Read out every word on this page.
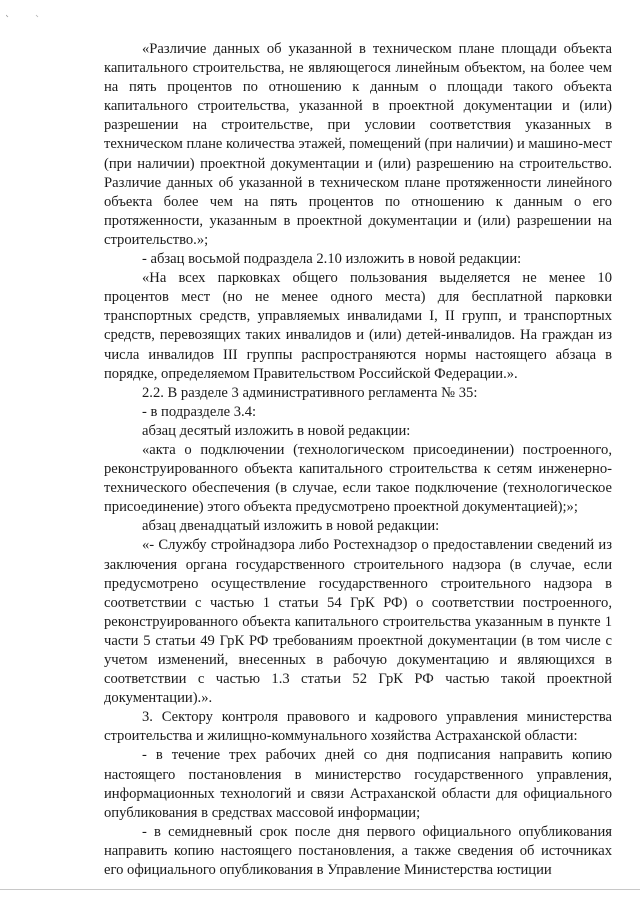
«Различие данных об указанной в техническом плане площади объекта капитального строительства, не являющегося линейным объектом, на более чем на пять процентов по отношению к данным о площади такого объекта капитального строительства, указанной в проектной документации и (или) разрешении на строительстве, при условии соответствия указанных в техническом плане количества этажей, помещений (при наличии) и машино-мест (при наличии) проектной документации и (или) разрешению на строительство. Различие данных об указанной в техническом плане протяженности линейного объекта более чем на пять процентов по отношению к данным о его протяженности, указанным в проектной документации и (или) разрешении на строительство.»;

- абзац восьмой подраздела 2.10 изложить в новой редакции:

«На всех парковках общего пользования выделяется не менее 10 процентов мест (но не менее одного места) для бесплатной парковки транспортных средств, управляемых инвалидами I, II групп, и транспортных средств, перевозящих таких инвалидов и (или) детей-инвалидов. На граждан из числа инвалидов III группы распространяются нормы настоящего абзаца в порядке, определяемом Правительством Российской Федерации.».

2.2. В разделе 3 административного регламента № 35:

- в подразделе 3.4:

абзац десятый изложить в новой редакции:

«акта о подключении (технологическом присоединении) построенного, реконструированного объекта капитального строительства к сетям инженерно-технического обеспечения (в случае, если такое подключение (технологическое присоединение) этого объекта предусмотрено проектной документацией);»;

абзац двенадцатый изложить в новой редакции:

«- Службу стройнадзора либо Ростехнадзор о предоставлении сведений из заключения органа государственного строительного надзора (в случае, если предусмотрено осуществление государственного строительного надзора в соответствии с частью 1 статьи 54 ГрК РФ) о соответствии построенного, реконструированного объекта капитального строительства указанным в пункте 1 части 5 статьи 49 ГрК РФ требованиям проектной документации (в том числе с учетом изменений, внесенных в рабочую документацию и являющихся в соответствии с частью 1.3 статьи 52 ГрК РФ частью такой проектной документации).».

3. Сектору контроля правового и кадрового управления министерства строительства и жилищно-коммунального хозяйства Астраханской области:

- в течение трех рабочих дней со дня подписания направить копию настоящего постановления в министерство государственного управления, информационных технологий и связи Астраханской области для официального опубликования в средствах массовой информации;

- в семидневный срок после дня первого официального опубликования направить копию настоящего постановления, а также сведения об источниках его официального опубликования в Управление Министерства юстиции
